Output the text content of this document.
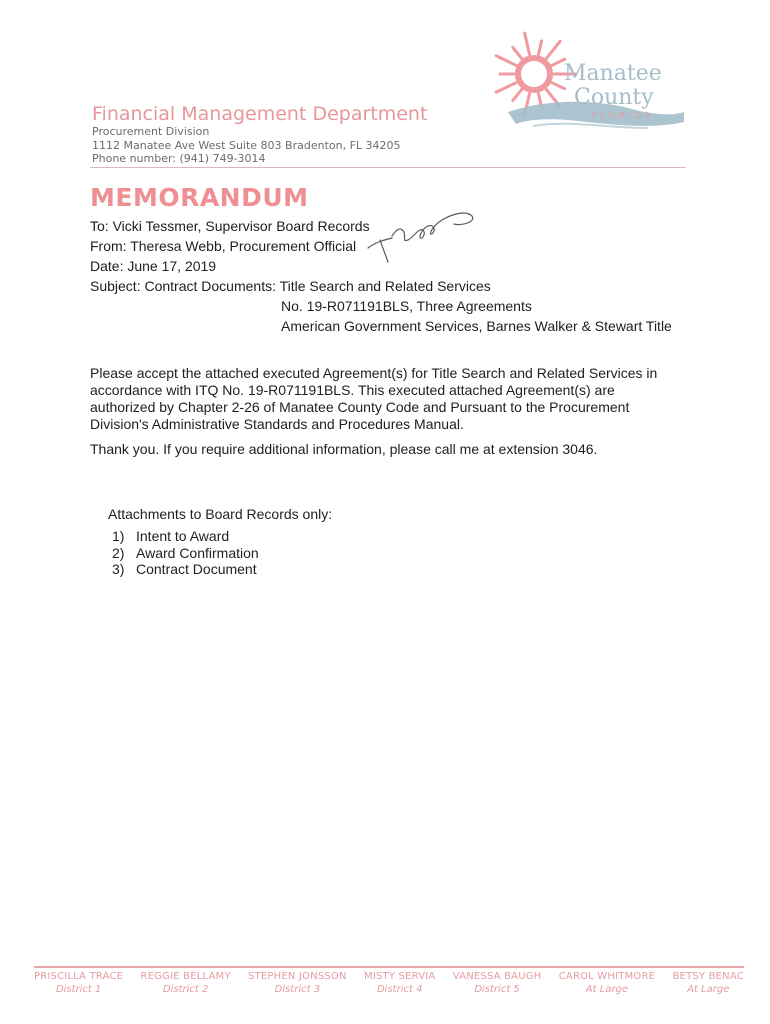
Manatee
County
FLORIDA
Financial Management Department
Procurement Division
1112 Manatee Ave West Suite 803 Bradenton, FL 34205
Phone number: (941) 749-3014
MEMORANDUM
To: Vicki Tessmer, Supervisor Board Records
From: Theresa Webb, Procurement Official
Date: June 17, 2019
Subject: Contract Documents: Title Search and Related Services
No. 19-R071191BLS, Three Agreements
American Government Services, Barnes Walker & Stewart Title
Please accept the attached executed Agreement(s) for Title Search and Related Services in accordance with ITQ No. 19-R071191BLS. This executed attached Agreement(s) are authorized by Chapter 2-26 of Manatee County Code and Pursuant to the Procurement Division's Administrative Standards and Procedures Manual.
Thank you. If you require additional information, please call me at extension 3046.
Attachments to Board Records only:
1) Intent to Award
2) Award Confirmation
3) Contract Document
PRISCILLA TRACE
District 1
REGGIE BELLAMY
District 2
STEPHEN JONSSON
District 3
MISTY SERVIA
District 4
VANESSA BAUGH
District 5
CAROL WHITMORE
At Large
BETSY BENAC
At Large
